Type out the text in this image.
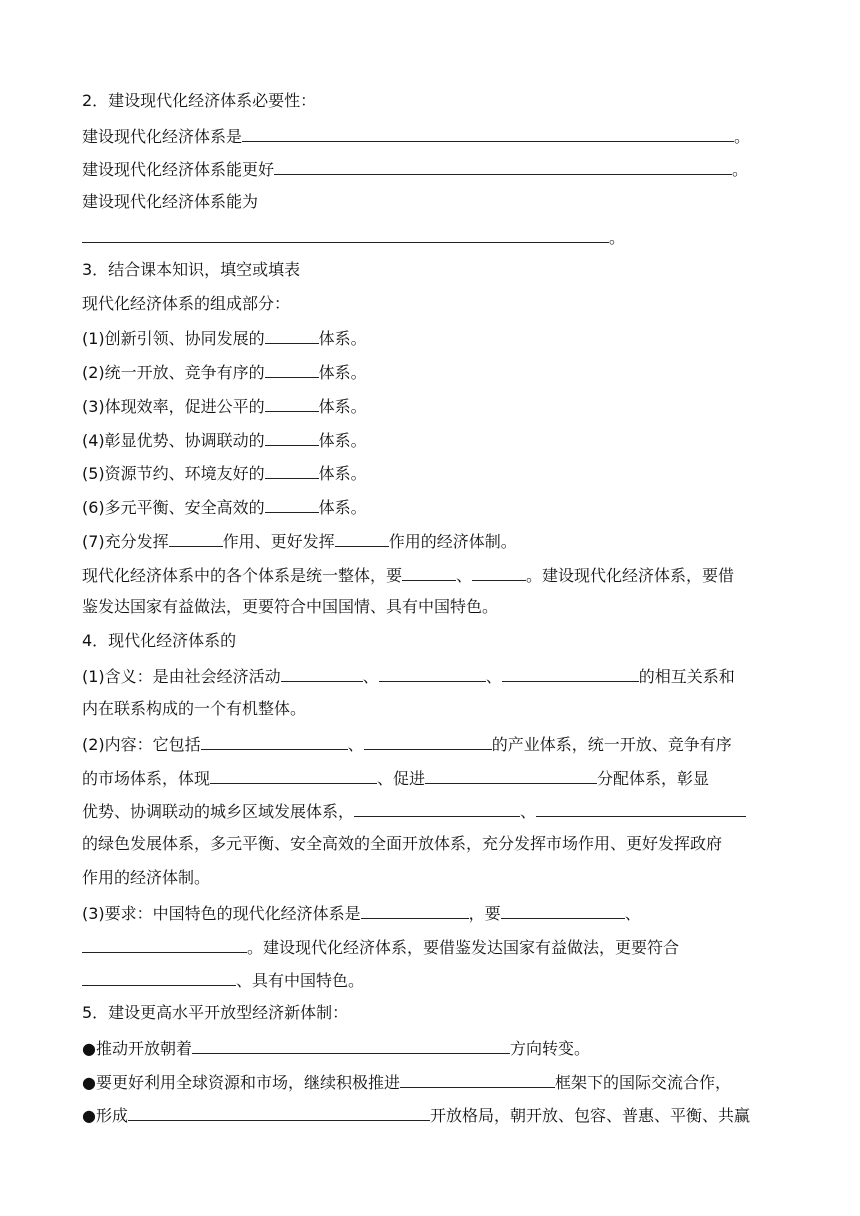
2．建设现代化经济体系必要性：
建设现代化经济体系是	。
建设现代化经济体系能更好	。
建设现代化经济体系能为
。
3．结合课本知识，填空或填表
现代化经济体系的组成部分：
(1)创新引领、协同发展的	体系。
(2)统一开放、竞争有序的	体系。
(3)体现效率，促进公平的	体系。
(4)彰显优势、协调联动的	体系。
(5)资源节约、环境友好的	体系。
(6)多元平衡、安全高效的	体系。
(7)充分发挥	作用、更好发挥	作用的经济体制。
现代化经济体系中的各个体系是统一整体，要	、	。建设现代化经济体系，要借
鉴发达国家有益做法，更要符合中国国情、具有中国特色。
4．现代化经济体系的
(1)含义：是由社会经济活动	、	、	的相互关系和
内在联系构成的一个有机整体。
(2)内容：它包括	、	的产业体系，统一开放、竞争有序
的市场体系，体现	、促进	分配体系，彰显
优势、协调联动的城乡区域发展体系，	、
的绿色发展体系，多元平衡、安全高效的全面开放体系，充分发挥市场作用、更好发挥政府
作用的经济体制。
(3)要求：中国特色的现代化经济体系是	，要	、
。建设现代化经济体系，要借鉴发达国家有益做法，更要符合
、具有中国特色。
5．建设更高水平开放型经济新体制：
●推动开放朝着	方向转变。
●要更好利用全球资源和市场，继续积极推进	框架下的国际交流合作，
●形成	开放格局，朝开放、包容、普惠、平衡、共赢
